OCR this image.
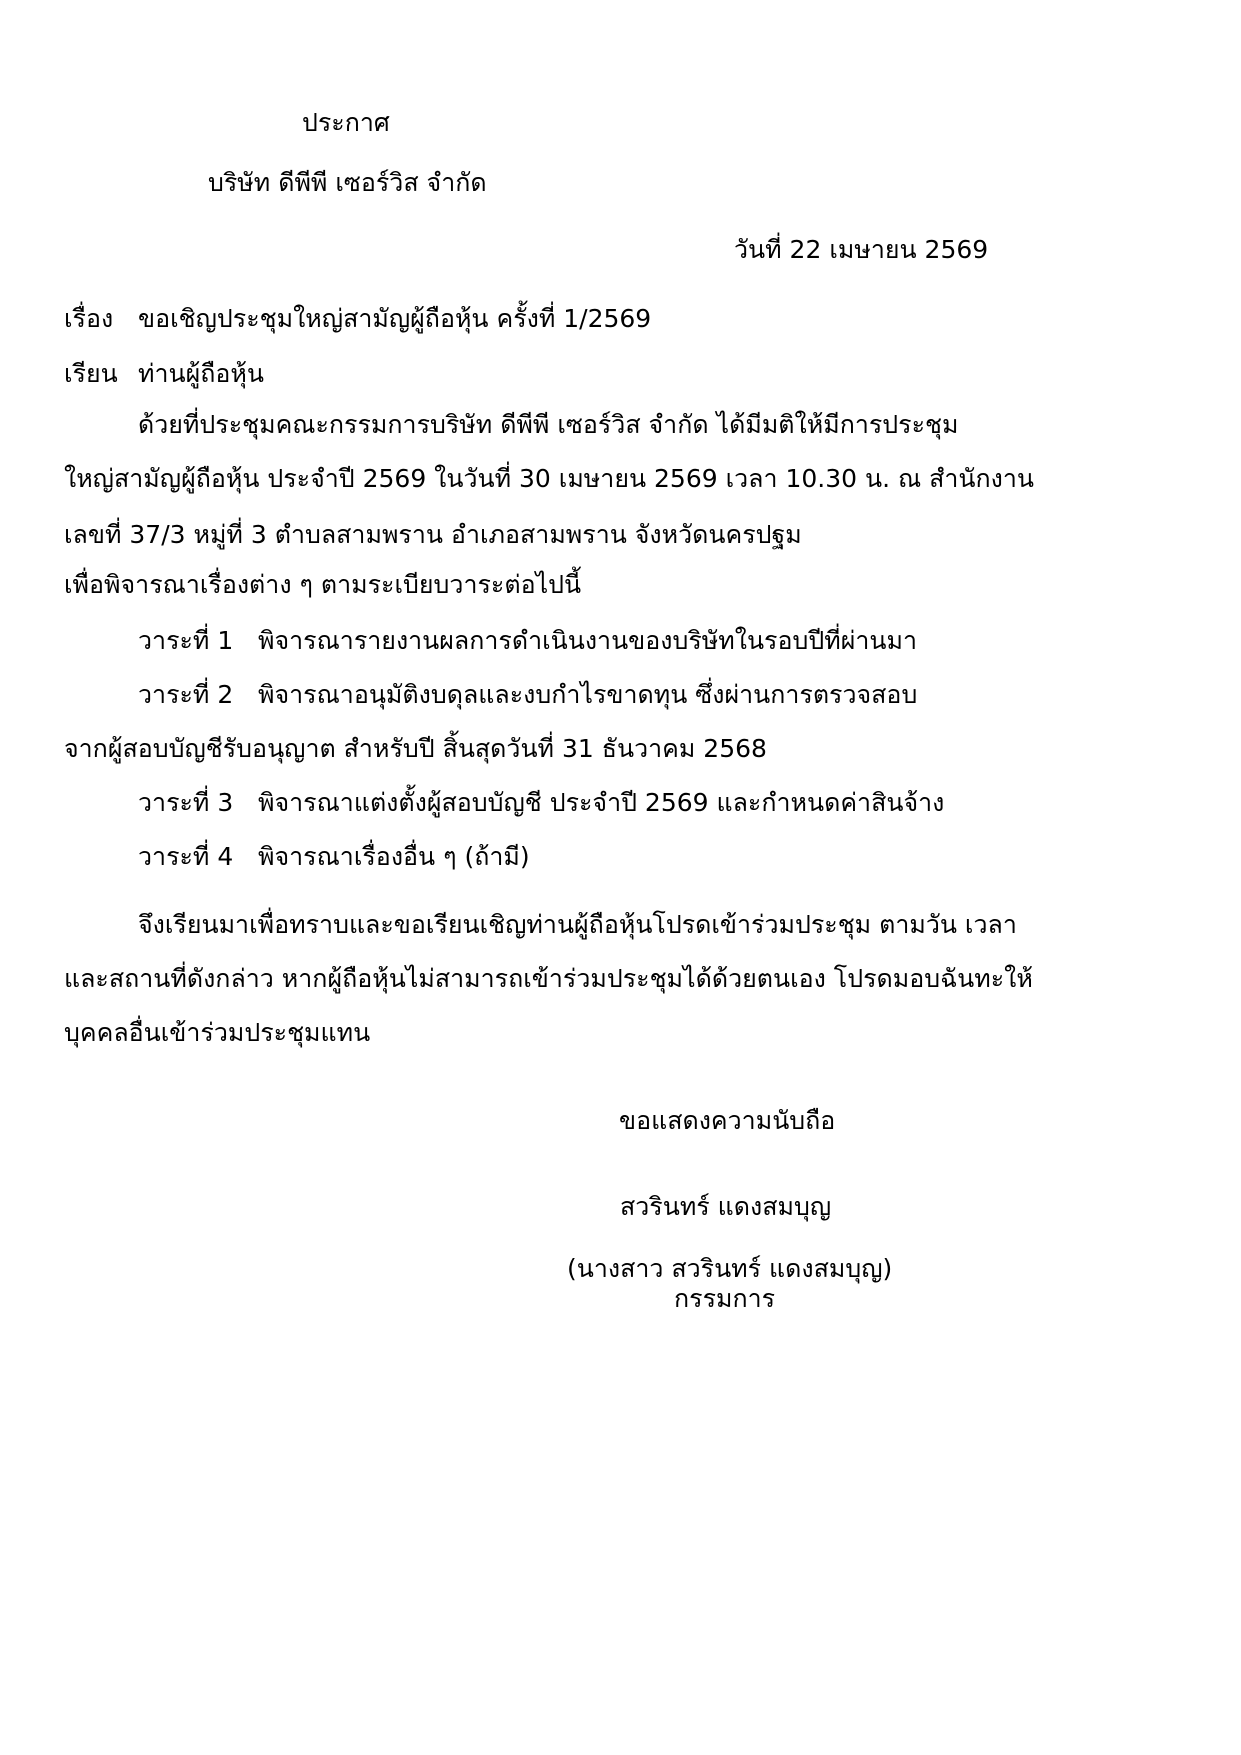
ประกาศ
บริษัท ดีพีพี เซอร์วิส จำกัด
วันที่ 22 เมษายน 2569
เรื่อง ขอเชิญประชุมใหญ่สามัญผู้ถือหุ้น ครั้งที่ 1/2569
เรียน ท่านผู้ถือหุ้น
ด้วยที่ประชุมคณะกรรมการบริษัท ดีพีพี เซอร์วิส จำกัด ได้มีมติให้มีการประชุม
ใหญ่สามัญผู้ถือหุ้น ประจำปี 2569 ในวันที่ 30 เมษายน 2569 เวลา 10.30 น. ณ สำนักงาน
เลขที่ 37/3 หมู่ที่ 3 ตำบลสามพราน อำเภอสามพราน จังหวัดนครปฐม
เพื่อพิจารณาเรื่องต่าง ๆ ตามระเบียบวาระต่อไปนี้
วาระที่ 1 พิจารณารายงานผลการดำเนินงานของบริษัทในรอบปีที่ผ่านมา
วาระที่ 2 พิจารณาอนุมัติงบดุลและงบกำไรขาดทุน ซึ่งผ่านการตรวจสอบ
จากผู้สอบบัญชีรับอนุญาต สำหรับปี สิ้นสุดวันที่ 31 ธันวาคม 2568
วาระที่ 3 พิจารณาแต่งตั้งผู้สอบบัญชี ประจำปี 2569 และกำหนดค่าสินจ้าง
วาระที่ 4 พิจารณาเรื่องอื่น ๆ (ถ้ามี)
จึงเรียนมาเพื่อทราบและขอเรียนเชิญท่านผู้ถือหุ้นโปรดเข้าร่วมประชุม ตามวัน เวลา
และสถานที่ดังกล่าว หากผู้ถือหุ้นไม่สามารถเข้าร่วมประชุมได้ด้วยตนเอง โปรดมอบฉันทะให้
บุคคลอื่นเข้าร่วมประชุมแทน
ขอแสดงความนับถือ
สวรินทร์ แดงสมบุญ
(นางสาว สวรินทร์ แดงสมบุญ)
กรรมการ
